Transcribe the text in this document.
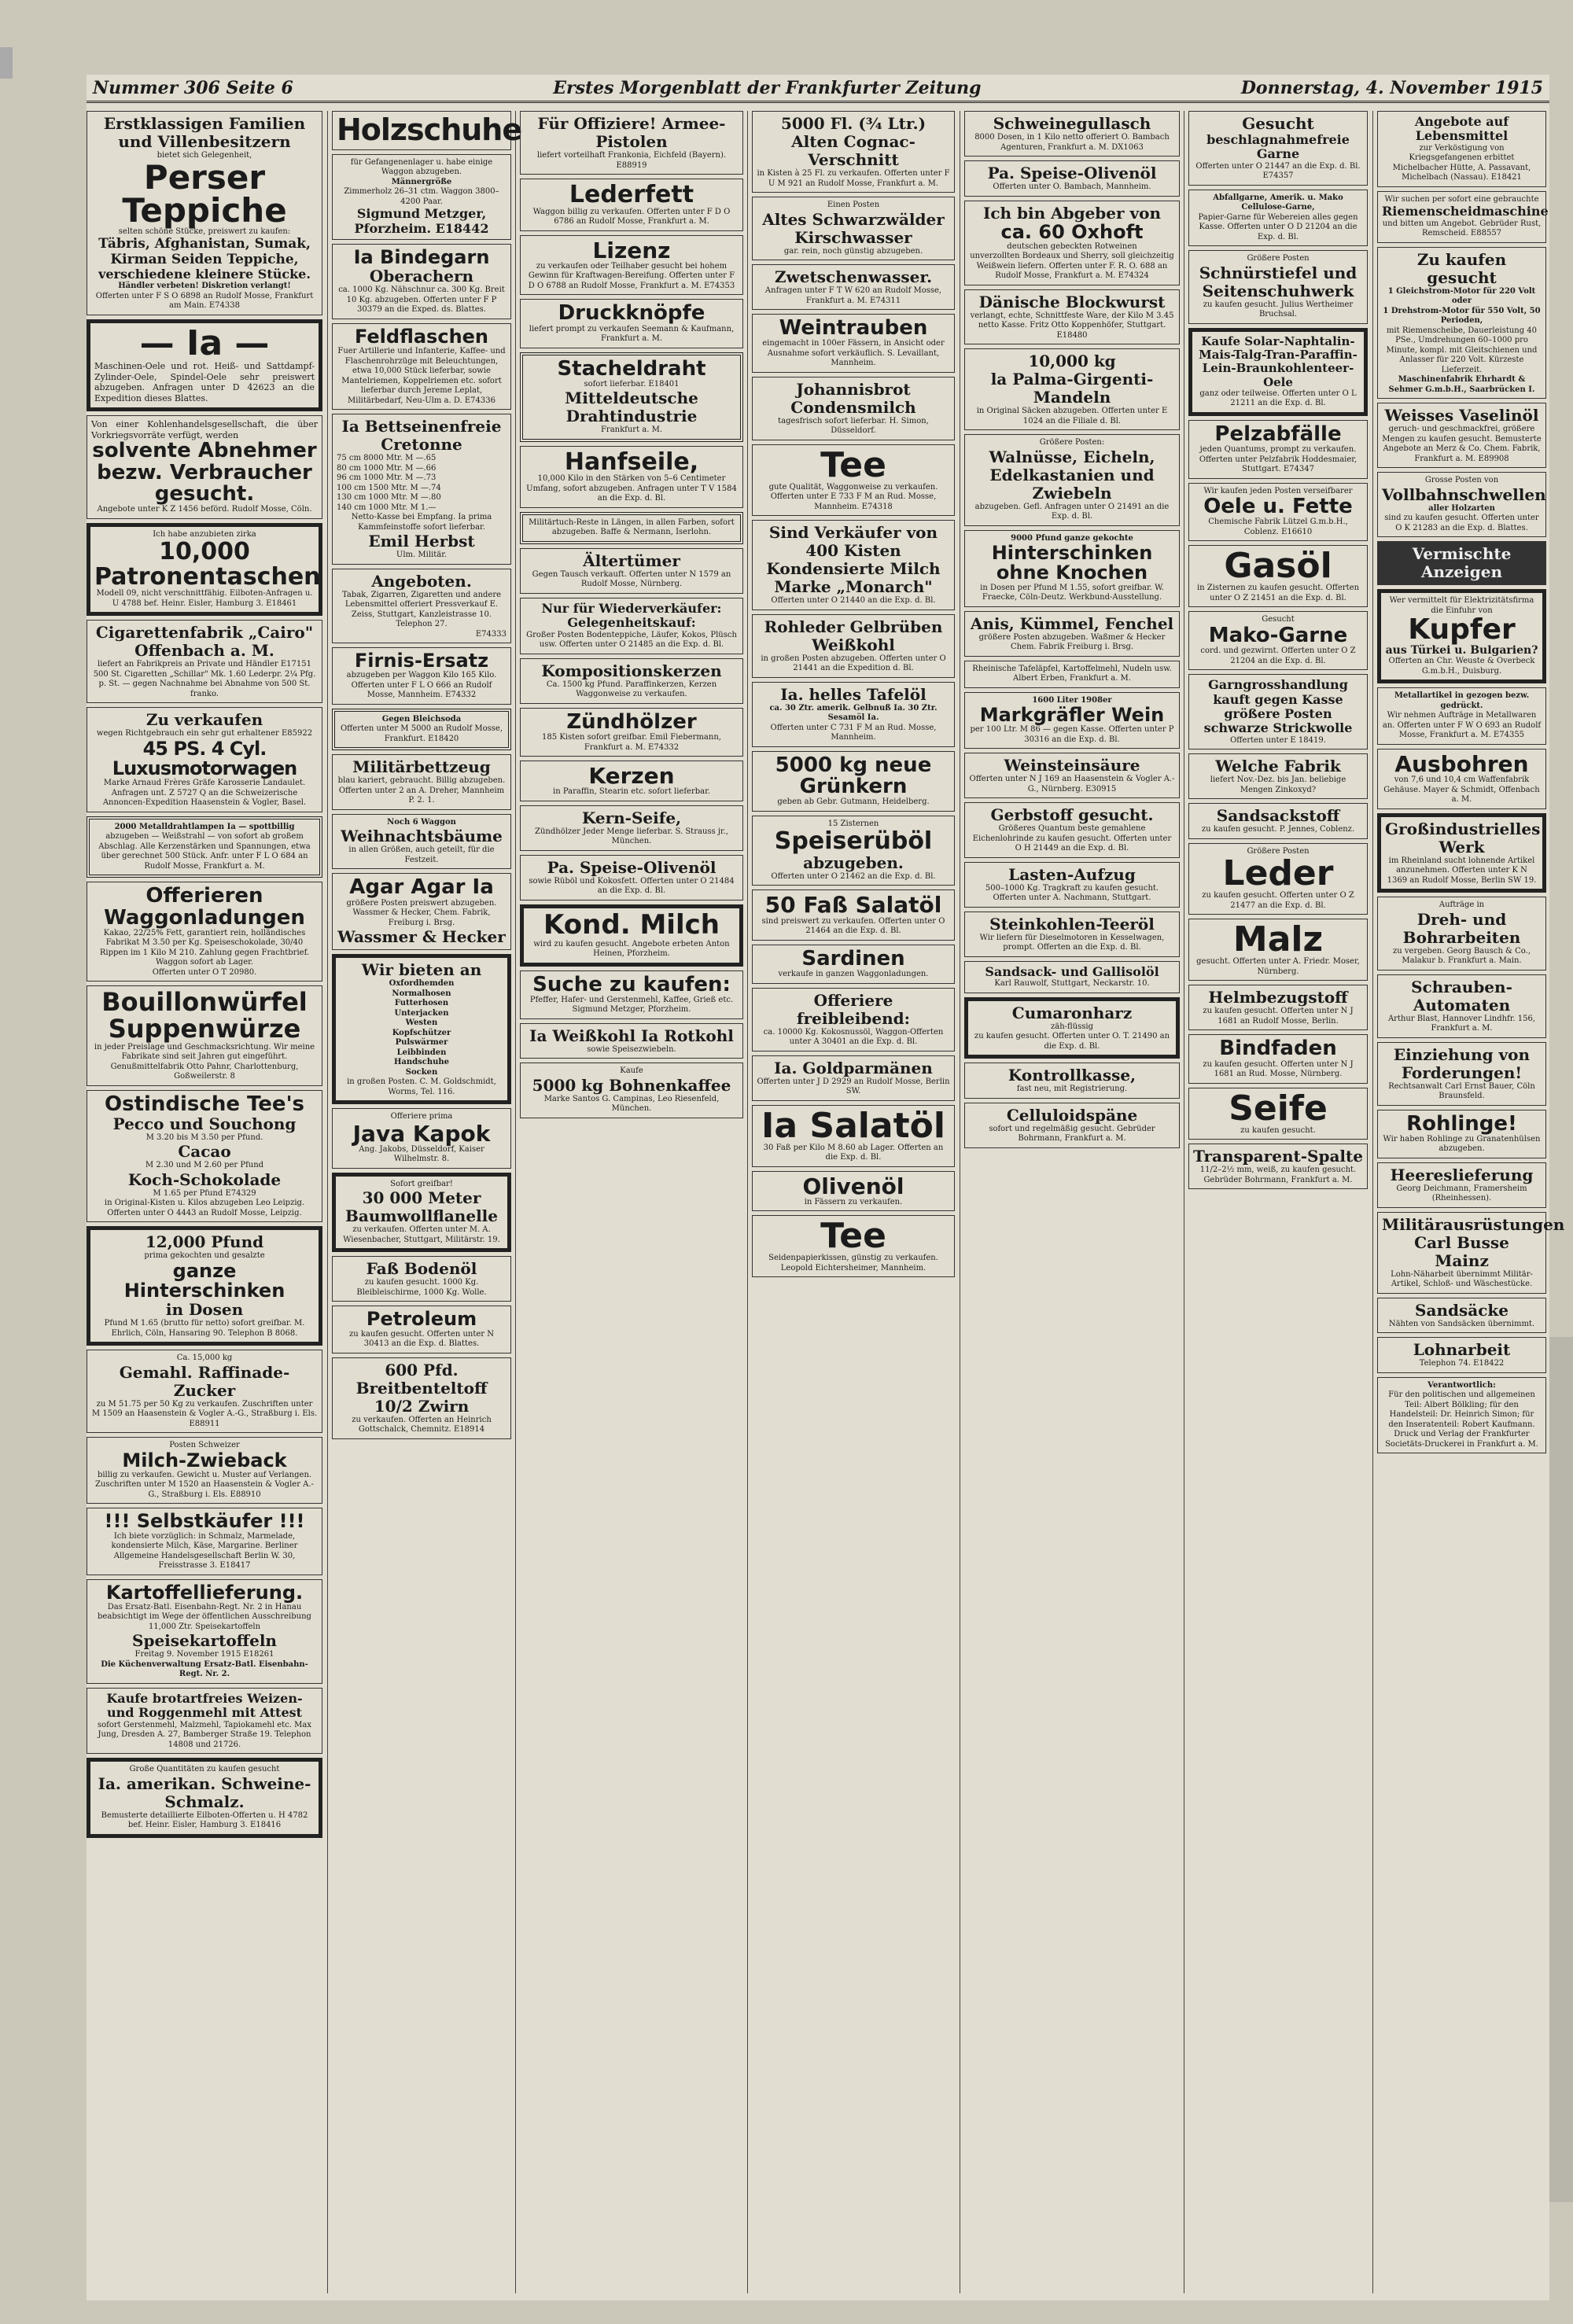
Nummer 306 Seite 6	Erstes Morgenblatt der Frankfurter Zeitung	Donnerstag, 4. November 1915
Erstklassigen Familien und Villenbesitzern
bietet sich Gelegenheit,
Perser Teppiche
selten schöne Stücke, preiswert zu kaufen:
Täbris, Afghanistan, Sumak, Kirman Seiden Teppiche,
verschiedene kleinere Stücke.
Händler verbeten! Diskretion verlangt!
Offerten unter F S O 6898 an Rudolf Mosse, Frankfurt am Main. E74338
— Ia —
Maschinen-Oele und rot. Heiß- und Sattdampf-Zylinder-Oele, Spindel-Oele sehr preiswert abzugeben. Anfragen unter D 42623 an die Expedition dieses Blattes.
Von einer Kohlenhandelsgesellschaft, die über Vorkriegsvorräte verfügt, werden
solvente Abnehmer bezw. Verbraucher gesucht.
Angebote unter K Z 1456 beförd. Rudolf Mosse, Cöln.
Ich habe anzubieten zirka
10,000 Patronentaschen
Modell 09, nicht verschnittfähig. Eilboten-Anfragen u. U 4788 bef. Heinr. Eisler, Hamburg 3. E18461
Cigarettenfabrik „Cairo"
Offenbach a. M.
liefert an Fabrikpreis an Private und Händler E17151 500 St. Cigaretten „Schillar" Mk. 1.60 Lederpr. 2¼ Pfg. p. St. — gegen Nachnahme bei Abnahme von 500 St. franko.
Zu verkaufen
wegen Richtgebrauch ein sehr gut erhaltener E85922
45 PS. 4 Cyl. Luxusmotorwagen
Marke Arnaud Frères Gräfe Karosserie Landaulet. Anfragen unt. Z 5727 Q an die Schweizerische Annoncen-Expedition Haasenstein & Vogler, Basel.
2000 Metalldrahtlampen Ia — spottbillig
abzugeben — Weißstrahl — von sofort ab großem Abschlag. Alle Kerzenstärken und Spannungen, etwa über gerechnet 500 Stück. Anfr. unter F L O 684 an Rudolf Mosse, Frankfurt a. M.
Offerieren Waggonladungen
Kakao, 22/25% Fett, garantiert rein, holländisches Fabrikat M 3.50 per Kg. Speiseschokolade, 30/40 Rippen im 1 Kilo M 210. Zahlung gegen Frachtbrief. Waggon sofort ab Lager.
Offerten unter O T 20980.
Bouillonwürfel
Suppenwürze
in jeder Preislage und Geschmacksrichtung. Wir meine Fabrikate sind seit Jahren gut eingeführt. Genußmittelfabrik Otto Pahnr, Charlottenburg, Goßweilerstr. 8
Ostindische Tee's
Pecco und Souchong
M 3.20 bis M 3.50 per Pfund.
Cacao
M 2.30 und M 2.60 per Pfund
Koch-Schokolade
M 1.65 per Pfund E74329
in Original-Kisten u. Kilos abzugeben Leo Leipzig. Offerten unter O 4443 an Rudolf Mosse, Leipzig.
12,000 Pfund
prima gekochten und gesalzte
ganze Hinterschinken
in Dosen
Pfund M 1.65 (brutto für netto) sofort greifbar. M. Ehrlich, Cöln, Hansaring 90. Telephon B 8068.
Ca. 15,000 kg
Gemahl. Raffinade-Zucker
zu M 51.75 per 50 Kg zu verkaufen. Zuschriften unter M 1509 an Haasenstein & Vogler A.-G., Straßburg i. Els. E88911
Posten Schweizer
Milch-Zwieback
billig zu verkaufen. Gewicht u. Muster auf Verlangen. Zuschriften unter M 1520 an Haasenstein & Vogler A.-G., Straßburg i. Els. E88910
!!! Selbstkäufer !!!
Ich biete vorzüglich: in Schmalz, Marmelade, kondensierte Milch, Käse, Margarine. Berliner Allgemeine Handelsgesellschaft Berlin W. 30, Freisstrasse 3. E18417
Kartoffellieferung.
Das Ersatz-Batl. Eisenbahn-Regt. Nr. 2 in Hanau beabsichtigt im Wege der öffentlichen Ausschreibung 11,000 Ztr. Speisekartoffeln
Speisekartoffeln
Freitag 9. November 1915 E18261
Die Küchenverwaltung Ersatz-Batl. Eisenbahn-Regt. Nr. 2.
Kaufe brotartfreies Weizen- und Roggenmehl mit Attest
sofort Gerstenmehl, Malzmehl, Tapiokamehl etc. Max Jung, Dresden A. 27, Bamberger Straße 19. Telephon 14808 und 21726.
Große Quantitäten zu kaufen gesucht
Ia. amerikan. Schweine-Schmalz.
Bemusterte detaillierte Eilboten-Offerten u. H 4782 bef. Heinr. Eisler, Hamburg 3. E18416
Holzschuhe
für Gefangenenlager u. habe einige Waggon abzugeben.
Männergröße
Zimmerholz 26–31 ctm. Waggon 3800–4200 Paar.
Sigmund Metzger, Pforzheim. E18442
Ia Bindegarn
Oberachern
ca. 1000 Kg. Nähschnur ca. 300 Kg. Breit 10 Kg. abzugeben. Offerten unter F P 30379 an die Exped. ds. Blattes.
Feldflaschen
Fuer Artillerie und Infanterie, Kaffee- und Flaschenrohrzüge mit Beleuchtungen, etwa 10,000 Stück lieferbar, sowie Mantelriemen, Koppelriemen etc. sofort lieferbar durch Jereme Leplat, Militärbedarf, Neu-Ulm a. D. E74336
Ia Bettseinenfreie Cretonne
75 cm 8000 Mtr. M —.65
80 cm 1000 Mtr. M —.66
96 cm 1000 Mtr. M —.73
100 cm 1500 Mtr. M —.74
130 cm 1000 Mtr. M —.80
140 cm 1000 Mtr. M 1.—
Netto-Kasse bei Empfang. Ia prima Kammfeinstoffe sofort lieferbar.
Emil Herbst
Ulm. Militär.
Angeboten.
Tabak, Zigarren, Zigaretten und andere Lebensmittel offeriert Pressverkauf E. Zeiss, Stuttgart, Kanzleistrasse 10. Telephon 27.
E74333
Firnis-Ersatz
abzugeben per Waggon Kilo 165 Kilo. Offerten unter F L O 666 an Rudolf Mosse, Mannheim. E74332
Gegen Bleichsoda
Offerten unter M 5000 an Rudolf Mosse, Frankfurt. E18420
Militärbettzeug
blau kariert, gebraucht. Billig abzugeben. Offerten unter 2 an A. Dreher, Mannheim P. 2. 1.
Noch 6 Waggon
Weihnachtsbäume
in allen Größen, auch geteilt, für die Festzeit.
Agar Agar Ia
größere Posten preiswert abzugeben. Wassmer & Hecker, Chem. Fabrik, Freiburg i. Brsg.
Wassmer & Hecker
Wir bieten an
Oxfordhemden
Normalhosen
Futterhosen
Unterjacken
Westen
Kopfschützer
Pulswärmer
Leibbinden
Handschuhe
Socken
in großen Posten. C. M. Goldschmidt, Worms, Tel. 116.
Offeriere prima
Java Kapok
Ang. Jakobs, Düsseldorf, Kaiser Wilhelmstr. 8.
Sofort greifbar!
30 000 Meter Baumwollflanelle
zu verkaufen. Offerten unter M. A. Wiesenbacher, Stuttgart, Militärstr. 19.
Faß Bodenöl
zu kaufen gesucht. 1000 Kg. Bleibleischirme, 1000 Kg. Wolle.
Petroleum
zu kaufen gesucht. Offerten unter N 30413 an die Exp. d. Blattes.
600 Pfd. Breitbenteltoff 10/2 Zwirn
zu verkaufen. Offerten an Heinrich Gottschalck, Chemnitz. E18914
Für Offiziere! Armee-Pistolen
liefert vorteilhaft Frankonia, Eichfeld (Bayern). E88919
Lederfett
Waggon billig zu verkaufen. Offerten unter F D O 6786 an Rudolf Mosse, Frankfurt a. M.
Lizenz
zu verkaufen oder Teilhaber gesucht bei hohem Gewinn für Kraftwagen-Bereifung. Offerten unter F D O 6788 an Rudolf Mosse, Frankfurt a. M. E74353
Druckknöpfe
liefert prompt zu verkaufen Seemann & Kaufmann, Frankfurt a. M.
Stacheldraht
sofort lieferbar. E18401
Mitteldeutsche Drahtindustrie
Frankfurt a. M.
Hanfseile,
10,000 Kilo in den Stärken von 5–6 Centimeter Umfang, sofort abzugeben. Anfragen unter T V 1584 an die Exp. d. Bl.
Militärtuch-Reste in Längen, in allen Farben, sofort abzugeben. Baffe & Nermann, Iserlohn.
Ältertümer
Gegen Tausch verkauft. Offerten unter N 1579 an Rudolf Mosse, Nürnberg.
Nur für Wiederverkäufer: Gelegenheitskauf:
Großer Posten Bodenteppiche, Läufer, Kokos, Plüsch usw. Offerten unter O 21485 an die Exp. d. Bl.
Kompositionskerzen
Ca. 1500 kg Pfund. Paraffinkerzen, Kerzen Waggonweise zu verkaufen.
Zündhölzer
185 Kisten sofort greifbar. Emil Fiebermann, Frankfurt a. M. E74332
Kerzen
in Paraffin, Stearin etc. sofort lieferbar.
Kern-Seife,
Zündhölzer Jeder Menge lieferbar. S. Strauss jr., München.
Pa. Speise-Olivenöl
sowie Rüböl und Kokosfett. Offerten unter O 21484 an die Exp. d. Bl.
Kond. Milch
wird zu kaufen gesucht. Angebote erbeten Anton Heinen, Pforzheim.
Suche zu kaufen:
Pfeffer, Hafer- und Gerstenmehl, Kaffee, Grieß etc. Sigmund Metzger, Pforzheim.
Ia Weißkohl Ia Rotkohl
sowie Speisezwiebeln.
Kaufe
5000 kg Bohnenkaffee
Marke Santos G. Campinas, Leo Riesenfeld, München.
5000 Fl. (¾ Ltr.) Alten Cognac-Verschnitt
in Kisten à 25 Fl. zu verkaufen. Offerten unter F U M 921 an Rudolf Mosse, Frankfurt a. M.
Einen Posten
Altes Schwarzwälder Kirschwasser
gar. rein, noch günstig abzugeben.
Zwetschenwasser.
Anfragen unter F T W 620 an Rudolf Mosse, Frankfurt a. M. E74311
Weintrauben
eingemacht in 100er Fässern, in Ansicht oder Ausnahme sofort verkäuflich. S. Levaillant, Mannheim.
Johannisbrot Condensmilch
tagesfrisch sofort lieferbar. H. Simon, Düsseldorf.
Tee
gute Qualität, Waggonweise zu verkaufen. Offerten unter E 733 F M an Rud. Mosse, Mannheim. E74318
Sind Verkäufer von 400 Kisten Kondensierte Milch
Marke „Monarch"
Offerten unter O 21440 an die Exp. d. Bl.
Rohleder Gelbrüben Weißkohl
in großen Posten abzugeben. Offerten unter O 21441 an die Expedition d. Bl.
Ia. helles Tafelöl
ca. 30 Ztr. amerik. Gelbnuß Ia. 30 Ztr. Sesamöl Ia.
Offerten unter C 731 F M an Rud. Mosse, Mannheim.
5000 kg neue Grünkern
geben ab Gebr. Gutmann, Heidelberg.
15 Zisternen
Speiserüböl
abzugeben.
Offerten unter O 21462 an die Exp. d. Bl.
50 Faß Salatöl
sind preiswert zu verkaufen. Offerten unter O 21464 an die Exp. d. Bl.
Sardinen
verkaufe in ganzen Waggonladungen.
Offeriere freibleibend:
ca. 10000 Kg. Kokosnussöl, Waggon-Offerten unter A 30401 an die Exp. d. Bl.
Ia. Goldparmänen
Offerten unter J D 2929 an Rudolf Mosse, Berlin SW.
Ia Salatöl
30 Faß per Kilo M 8.60 ab Lager. Offerten an die Exp. d. Bl.
Olivenöl
in Fässern zu verkaufen.
Tee
Seidenpapierkissen, günstig zu verkaufen. Leopold Eichtersheimer, Mannheim.
Schweinegullasch
8000 Dosen, in 1 Kilo netto offeriert O. Bambach Agenturen, Frankfurt a. M. DX1063
Pa. Speise-Olivenöl
Offerten unter O. Bambach, Mannheim.
Ich bin Abgeber von
ca. 60 Oxhoft
deutschen gebeckten Rotweinen
unverzollten Bordeaux und Sherry, soll gleichzeitig Weißwein liefern. Offerten unter F. R. O. 688 an Rudolf Mosse, Frankfurt a. M. E74324
Dänische Blockwurst
verlangt, echte, Schnittfeste Ware, der Kilo M 3.45 netto Kasse. Fritz Otto Koppenhöfer, Stuttgart. E18480
10,000 kg
la Palma-Girgenti-Mandeln
in Original Säcken abzugeben. Offerten unter E 1024 an die Filiale d. Bl.
Größere Posten:
Walnüsse, Eicheln, Edelkastanien und Zwiebeln
abzugeben. Gefl. Anfragen unter O 21491 an die Exp. d. Bl.
9000 Pfund ganze gekochte
Hinterschinken ohne Knochen
in Dosen per Pfund M 1.55, sofort greifbar. W. Fraecke, Cöln-Deutz. Werkbund-Ausstellung.
Anis, Kümmel, Fenchel
größere Posten abzugeben. Waßmer & Hecker Chem. Fabrik Freiburg i. Brsg.
Rheinische Tafeläpfel, Kartoffelmehl, Nudeln usw. Albert Erben, Frankfurt a. M.
1600 Liter 1908er
Markgräfler Wein
per 100 Ltr. M 86 — gegen Kasse. Offerten unter P 30316 an die Exp. d. Bl.
Weinsteinsäure
Offerten unter N J 169 an Haasenstein & Vogler A.-G., Nürnberg. E30915
Gerbstoff gesucht.
Größeres Quantum beste gemahlene Eichenlohrinde zu kaufen gesucht. Offerten unter O H 21449 an die Exp. d. Bl.
Lasten-Aufzug
500–1000 Kg. Tragkraft zu kaufen gesucht. Offerten unter A. Nachmann, Stuttgart.
Steinkohlen-Teeröl
Wir liefern für Dieselmotoren in Kesselwagen, prompt. Offerten an die Exp. d. Bl.
Sandsack- und Gallisolöl
Karl Rauwolf, Stuttgart, Neckarstr. 10.
Cumaronharz
zäh-flüssig
zu kaufen gesucht. Offerten unter O. T. 21490 an die Exp. d. Bl.
Kontrollkasse,
fast neu, mit Registrierung.
Celluloidspäne
sofort und regelmäßig gesucht. Gebrüder Bohrmann, Frankfurt a. M.
Gesucht
beschlagnahmefreie Garne
Offerten unter O 21447 an die Exp. d. Bl. E74357
Abfallgarne, Amerik. u. Mako Cellulose-Garne,
Papier-Garne für Webereien alles gegen Kasse. Offerten unter O D 21204 an die Exp. d. Bl.
Größere Posten
Schnürstiefel und Seitenschuhwerk
zu kaufen gesucht. Julius Wertheimer Bruchsal.
Kaufe Solar-Naphtalin-Mais-Talg-Tran-Paraffin-Lein-Braunkohlenteer-Oele
ganz oder teilweise. Offerten unter O L 21211 an die Exp. d. Bl.
Pelzabfälle
jeden Quantums, prompt zu verkaufen. Offerten unter Pelzfabrik Hoddesmaier, Stuttgart. E74347
Wir kaufen jeden Posten verseifbarer
Oele u. Fette
Chemische Fabrik Lützel G.m.b.H., Coblenz. E16610
Gasöl
in Zisternen zu kaufen gesucht. Offerten unter O Z 21451 an die Exp. d. Bl.
Gesucht
Mako-Garne
cord. und gezwirnt. Offerten unter O Z 21204 an die Exp. d. Bl.
Garngrosshandlung kauft gegen Kasse größere Posten schwarze Strickwolle
Offerten unter E 18419.
Welche Fabrik
liefert Nov.-Dez. bis Jan. beliebige Mengen Zinkoxyd?
Sandsackstoff
zu kaufen gesucht. P. Jennes, Coblenz.
Größere Posten
Leder
zu kaufen gesucht. Offerten unter O Z 21477 an die Exp. d. Bl.
Malz
gesucht. Offerten unter A. Friedr. Moser, Nürnberg.
Helmbezugstoff
zu kaufen gesucht. Offerten unter N J 1681 an Rudolf Mosse, Berlin.
Bindfaden
zu kaufen gesucht. Offerten unter N J 1681 an Rud. Mosse, Nürnberg.
Seife
zu kaufen gesucht.
Transparent-Spalte
11/2–2½ mm, weiß, zu kaufen gesucht. Gebrüder Bohrmann, Frankfurt a. M.
Angebote auf Lebensmittel
zur Verköstigung von Kriegsgefangenen erbittet Michelbacher Hütte, A. Passavant, Michelbach (Nassau). E18421
Wir suchen per sofort eine gebrauchte
Riemenscheidmaschine
und bitten um Angebot. Gebrüder Rust, Remscheid. E88557
Zu kaufen gesucht
1 Gleichstrom-Motor für 220 Volt oder
1 Drehstrom-Motor für 550 Volt, 50 Perioden,
mit Riemenscheibe, Dauerleistung 40 PSe., Umdrehungen 60–1000 pro Minute, kompl. mit Gleitschienen und Anlasser für 220 Volt. Kürzeste Lieferzeit.
Maschinenfabrik Ehrhardt & Sehmer G.m.b.H., Saarbrücken I.
Weisses Vaselinöl
geruch- und geschmackfrei, größere Mengen zu kaufen gesucht. Bemusterte Angebote an Merz & Co. Chem. Fabrik, Frankfurt a. M. E89908
Grosse Posten von
Vollbahnschwellen
aller Holzarten
sind zu kaufen gesucht. Offerten unter O K 21283 an die Exp. d. Blattes.
Vermischte Anzeigen
Wer vermittelt für Elektrizitätsfirma die Einfuhr von
Kupfer
aus Türkei u. Bulgarien?
Offerten an Chr. Weuste & Overbeck G.m.b.H., Duisburg.
Metallartikel in gezogen bezw. gedrückt.
Wir nehmen Aufträge in Metallwaren an. Offerten unter F W O 693 an Rudolf Mosse, Frankfurt a. M. E74355
Ausbohren
von 7,6 und 10,4 cm Waffenfabrik Gehäuse. Mayer & Schmidt, Offenbach a. M.
Großindustrielles Werk
im Rheinland sucht lohnende Artikel anzunehmen. Offerten unter K N 1369 an Rudolf Mosse, Berlin SW 19.
Aufträge in
Dreh- und Bohrarbeiten
zu vergeben. Georg Bausch & Co., Malakur b. Frankfurt a. Main.
Schrauben-Automaten
Arthur Blast, Hannover Lindhfr. 156, Frankfurt a. M.
Einziehung von Forderungen!
Rechtsanwalt Carl Ernst Bauer, Cöln Braunsfeld.
Rohlinge!
Wir haben Rohlinge zu Granatenhülsen abzugeben.
Heereslieferung
Georg Deichmann, Framersheim (Rheinhessen).
Militärausrüstungen Carl Busse
Mainz
Lohn-Näharbeit übernimmt Militär-Artikel, Schloß- und Wäschestücke.
Sandsäcke
Nähten von Sandsäcken übernimmt.
Lohnarbeit
Telephon 74. E18422
Verantwortlich:
Für den politischen und allgemeinen Teil: Albert Bölkling; für den Handelsteil: Dr. Heinrich Simon; für den Inseratenteil: Robert Kaufmann. Druck und Verlag der Frankfurter Societäts-Druckerei in Frankfurt a. M.
